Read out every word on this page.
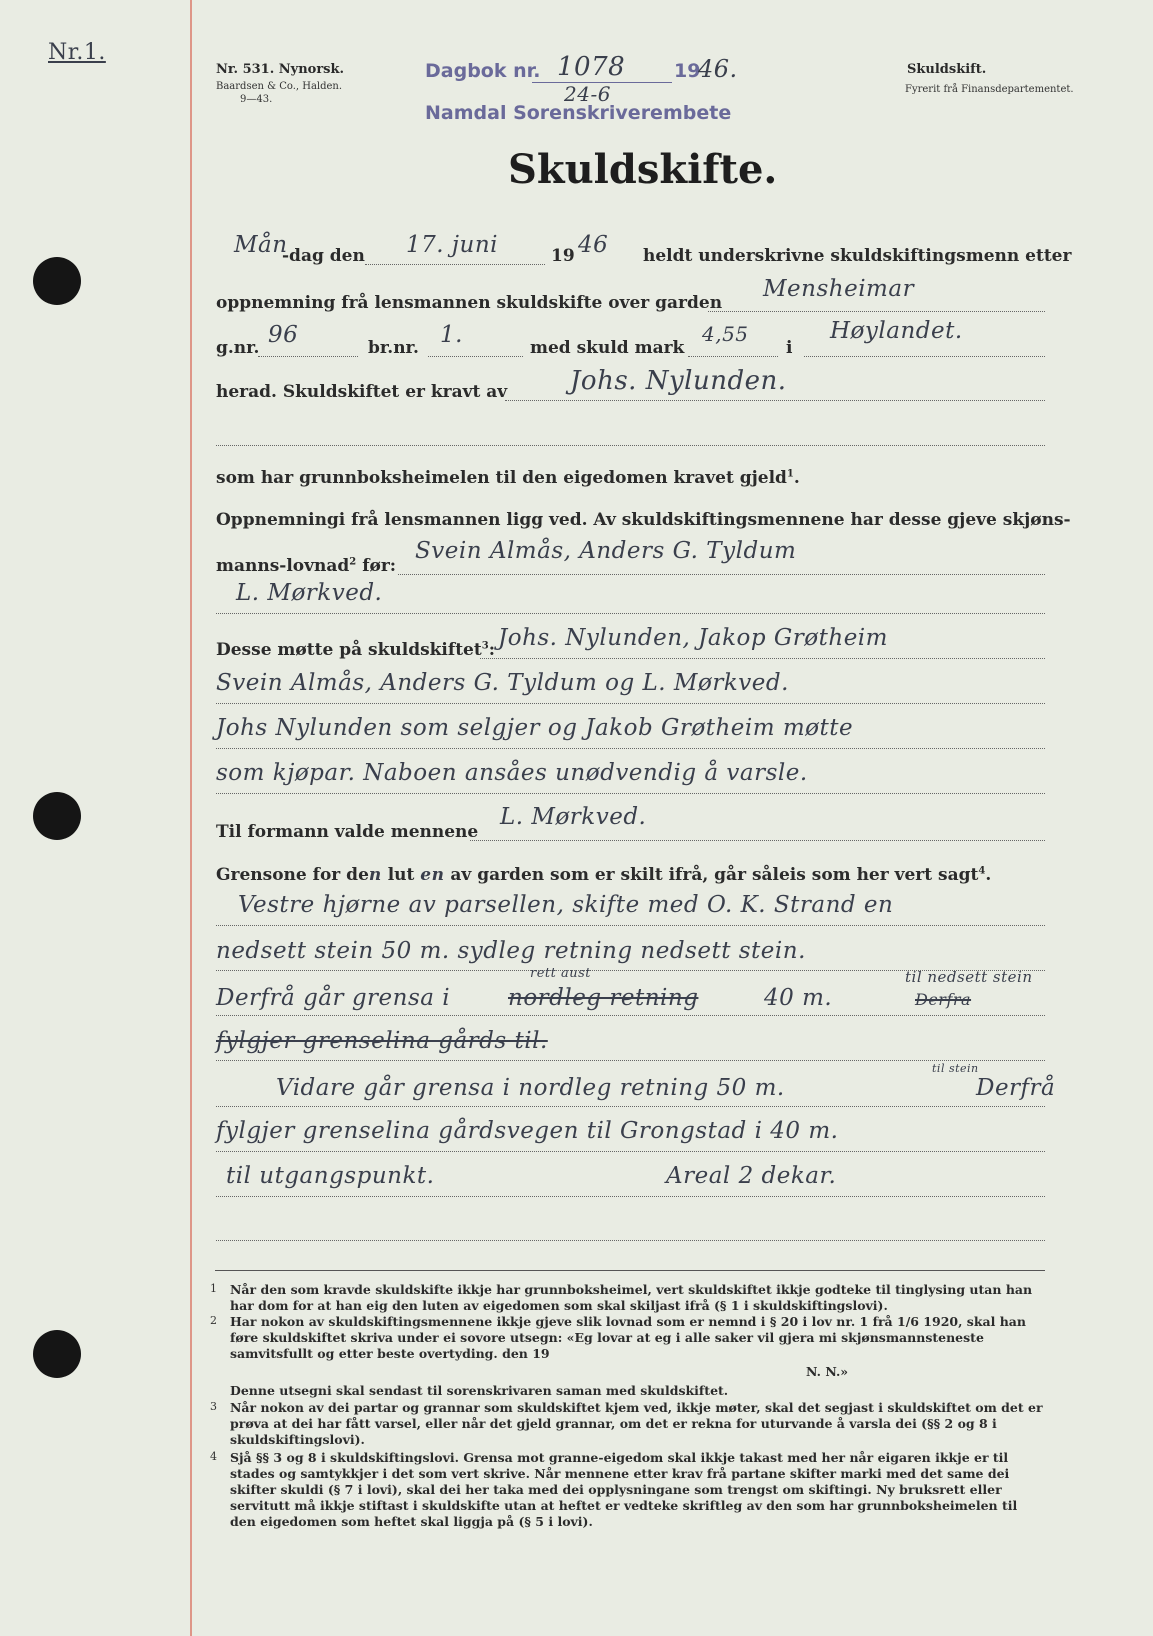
Nr.1.
Nr. 531. Nynorsk.
Baardsen & Co., Halden.
9—43.
Dagbok nr. 1078	19
46.
24-6
Namdal Sorenskriverembete
Skuldskift.
Fyrerit frå Finansdepartementet.
Skuldskifte.
Mån
-dag den 17. juni	19 46 heldt underskrivne skuldskiftingsmenn etter
oppnemning frå lensmannen skuldskifte over garden
Mensheimar
g.nr. 96	br.nr. 1.	med skuld mark
4,55
i
Høylandet.
herad. Skuldskiftet er kravt av Johs. Nylunden.
som har grunnboksheimelen til den eigedomen kravet gjeld$^1$.
Oppnemningi frå lensmannen ligg ved. Av skuldskiftingsmennene har desse gjeve skjøns-
manns-lovnad$^2$ før:
Svein Almås, Anders G. Tyldum
L. Mørkved.
Desse møtte på skuldskiftet$^3$: Johs. Nylunden, Jakop Grøtheim
Svein Almås, Anders G. Tyldum og L. Mørkved.
Johs Nylunden som selgjer og Jakob Grøtheim møtte
som kjøpar. Naboen ansåes unødvendig å varsle.
Til formann valde mennene
L. Mørkved.
Grensone for den lut en av garden som er skilt ifrå, går såleis som her vert sagt$^4$.
Vestre hjørne av parsellen, skifte med O. K. Strand en
nedsett stein 50 m. sydleg retning nedsett stein.
Derfrå går grensa i
rett aust
nordleg retning	40 m.
til nedsett stein
Derfra
fylgjer grenselina gårds til.
Vidare går grensa i nordleg retning 50 m.
til stein
Derfrå
fylgjer grenselina gårdsvegen til Grongstad i 40 m.
til utgangspunkt.	Areal 2 dekar.
1 Når den som kravde skuldskifte ikkje har grunnboksheimel, vert skuldskiftet ikkje godteke til tinglysing utan han har dom for at han eig den luten av eigedomen som skal skiljast ifrå (§ 1 i skuldskiftingslovi).
2 Har nokon av skuldskiftingsmennene ikkje gjeve slik lovnad som er nemnd i § 20 i lov nr. 1 frå 1/6 1920, skal han føre skuldskiftet skriva under ei sovore utsegn: «Eg lovar at eg i alle saker vil gjera mi skjønsmannsteneste samvitsfullt og etter beste overtyding. den 19
N. N.»
Denne utsegni skal sendast til sorenskrivaren saman med skuldskiftet.
3 Når nokon av dei partar og grannar som skuldskiftet kjem ved, ikkje møter, skal det segjast i skuldskiftet om det er prøva at dei har fått varsel, eller når det gjeld grannar, om det er rekna for uturvande å varsla dei (§§ 2 og 8 i skuldskiftingslovi).
4 Sjå §§ 3 og 8 i skuldskiftingslovi. Grensa mot granne-eigedom skal ikkje takast med her når eigaren ikkje er til stades og samtykkjer i det som vert skrive. Når mennene etter krav frå partane skifter marki med det same dei skifter skuldi (§ 7 i lovi), skal dei her taka med dei opplysningane som trengst om skiftingi. Ny bruksrett eller servitutt må ikkje stiftast i skuldskifte utan at heftet er vedteke skriftleg av den som har grunnboksheimelen til den eigedomen som heftet skal liggja på (§ 5 i lovi).
